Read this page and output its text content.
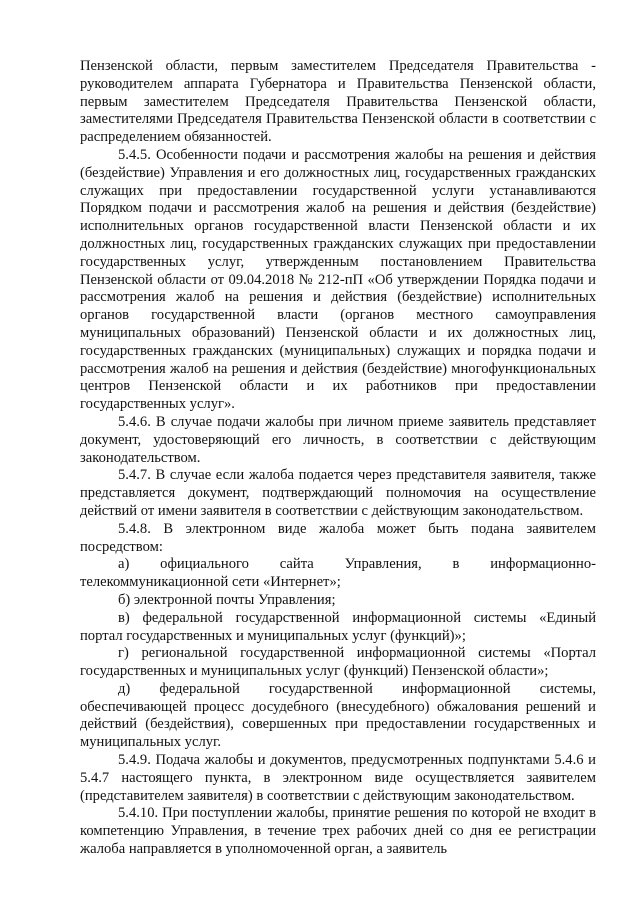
Пензенской области, первым заместителем Председателя Правительства - руководителем аппарата Губернатора и Правительства Пензенской области, первым заместителем Председателя Правительства Пензенской области, заместителями Председателя Правительства Пензенской области в соответствии с распределением обязанностей.

5.4.5. Особенности подачи и рассмотрения жалобы на решения и действия (бездействие) Управления и его должностных лиц, государственных гражданских служащих при предоставлении государственной услуги устанавливаются Порядком подачи и рассмотрения жалоб на решения и действия (бездействие) исполнительных органов государственной власти Пензенской области и их должностных лиц, государственных гражданских служащих при предоставлении государственных услуг, утвержденным постановлением Правительства Пензенской области от 09.04.2018 № 212-пП «Об утверждении Порядка подачи и рассмотрения жалоб на решения и действия (бездействие) исполнительных органов государственной власти (органов местного самоуправления муниципальных образований) Пензенской области и их должностных лиц, государственных гражданских (муниципальных) служащих и порядка подачи и рассмотрения жалоб на решения и действия (бездействие) многофункциональных центров Пензенской области и их работников при предоставлении государственных услуг».

5.4.6. В случае подачи жалобы при личном приеме заявитель представляет документ, удостоверяющий его личность, в соответствии с действующим законодательством.

5.4.7. В случае если жалоба подается через представителя заявителя, также представляется документ, подтверждающий полномочия на осуществление действий от имени заявителя в соответствии с действующим законодательством.

5.4.8. В электронном виде жалоба может быть подана заявителем посредством:

а) официального сайта Управления, в информационно-телекоммуникационной сети «Интернет»;

б) электронной почты Управления;

в) федеральной государственной информационной системы «Единый портал государственных и муниципальных услуг (функций)»;

г) региональной государственной информационной системы «Портал государственных и муниципальных услуг (функций) Пензенской области»;

д) федеральной государственной информационной системы, обеспечивающей процесс досудебного (внесудебного) обжалования решений и действий (бездействия), совершенных при предоставлении государственных и муниципальных услуг.

5.4.9. Подача жалобы и документов, предусмотренных подпунктами 5.4.6 и 5.4.7 настоящего пункта, в электронном виде осуществляется заявителем (представителем заявителя) в соответствии с действующим законодательством.

5.4.10. При поступлении жалобы, принятие решения по которой не входит в компетенцию Управления, в течение трех рабочих дней со дня ее регистрации жалоба направляется в уполномоченной орган, а заявитель
